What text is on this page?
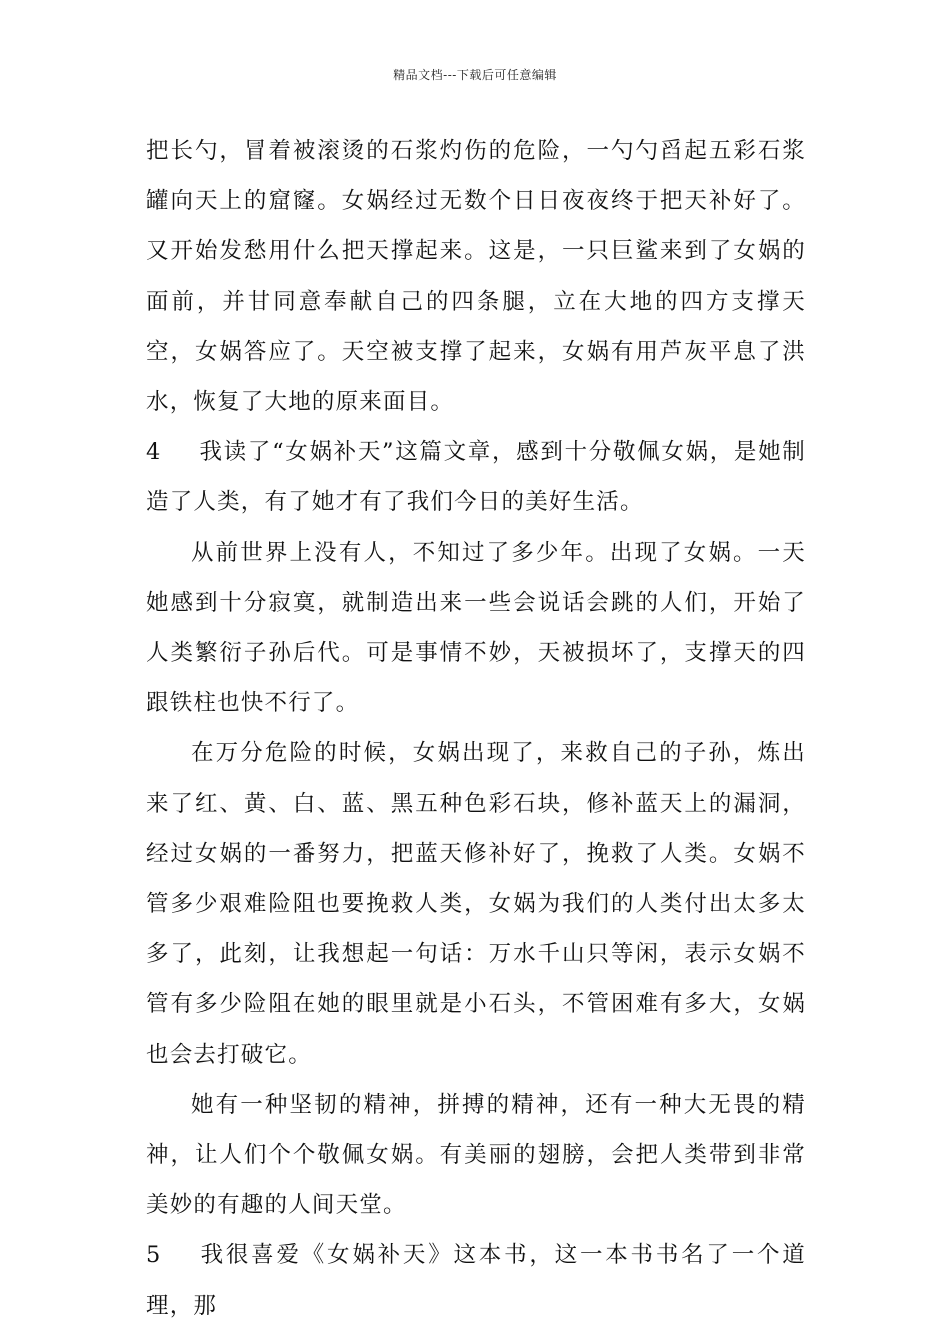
精品文档---下载后可任意编辑

把长勺，冒着被滚烫的石浆灼伤的危险，一勺勺舀起五彩石浆罐向天上的窟窿。女娲经过无数个日日夜夜终于把天补好了。又开始发愁用什么把天撑起来。这是，一只巨鲨来到了女娲的面前，并甘同意奉献自己的四条腿，立在大地的四方支撑天空，女娲答应了。天空被支撑了起来，女娲有用芦灰平息了洪水，恢复了大地的原来面目。

4 我读了“女娲补天”这篇文章，感到十分敬佩女娲，是她制造了人类，有了她才有了我们今日的美好生活。

从前世界上没有人，不知过了多少年。出现了女娲。一天她感到十分寂寞，就制造出来一些会说话会跳的人们，开始了人类繁衍子孙后代。可是事情不妙，天被损坏了，支撑天的四跟铁柱也快不行了。

在万分危险的时候，女娲出现了，来救自己的子孙，炼出来了红、黄、白、蓝、黑五种色彩石块，修补蓝天上的漏洞，经过女娲的一番努力，把蓝天修补好了，挽救了人类。女娲不管多少艰难险阻也要挽救人类，女娲为我们的人类付出太多太多了，此刻，让我想起一句话：万水千山只等闲，表示女娲不管有多少险阻在她的眼里就是小石头，不管困难有多大，女娲也会去打破它。

她有一种坚韧的精神，拼搏的精神，还有一种大无畏的精神，让人们个个敬佩女娲。有美丽的翅膀，会把人类带到非常美妙的有趣的人间天堂。

5 我很喜爱《女娲补天》这本书，这一本书书名了一个道理，那
